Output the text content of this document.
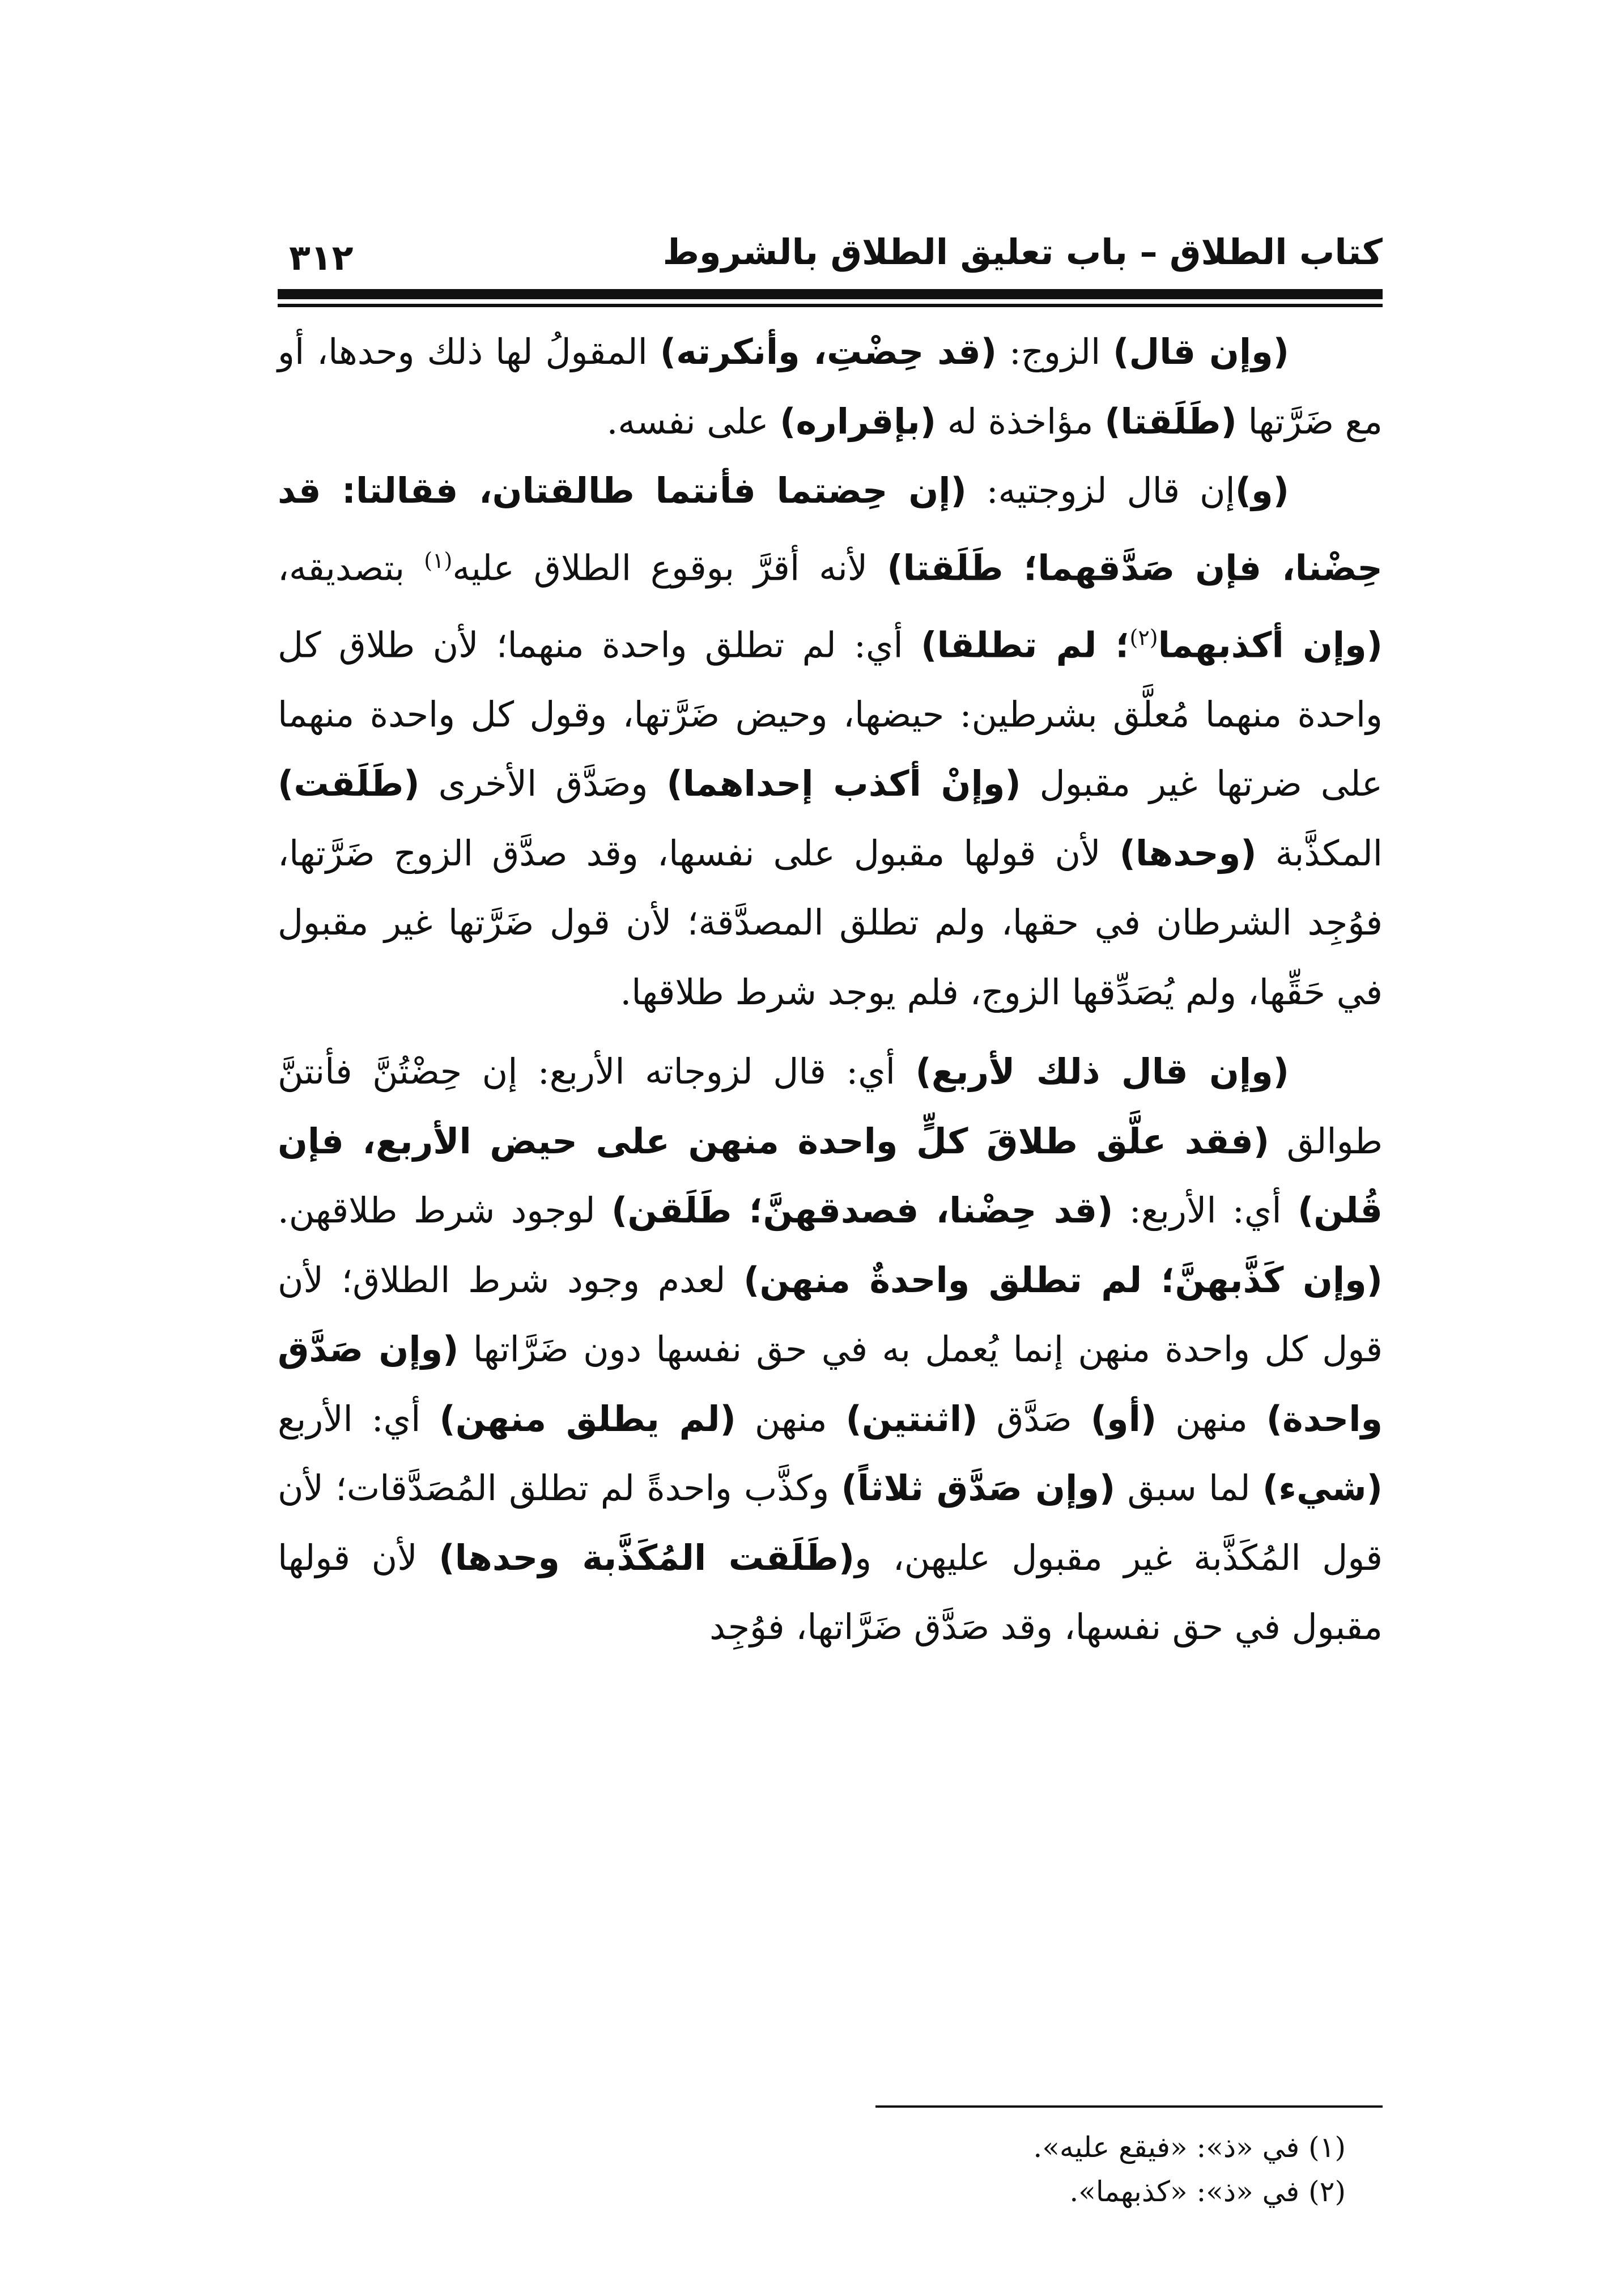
كتاب الطلاق – باب تعليق الطلاق بالشروط
٣١٢

(وإن قال) الزوج: (قد حِضْتِ، وأنكرته) المقولُ لها ذلك وحدها، أو مع ضَرَّتها (طَلَقتا) مؤاخذة له (بإقراره) على نفسه.

(و)إن قال لزوجتيه: (إن حِضتما فأنتما طالقتان، فقالتا: قد حِضْنا، فإن صَدَّقهما؛ طَلَقتا) لأنه أقرَّ بوقوع الطلاق عليه$^{(١)}$ بتصديقه، (وإن أكذبهما$^{(٢)}$؛ لم تطلقا) أي: لم تطلق واحدة منهما؛ لأن طلاق كل واحدة منهما مُعلَّق بشرطين: حيضها، وحيض ضَرَّتها، وقول كل واحدة منهما على ضرتها غير مقبول (وإنْ أكذب إحداهما) وصَدَّق الأخرى (طَلَقت) المكذَّبة (وحدها) لأن قولها مقبول على نفسها، وقد صدَّق الزوج ضَرَّتها، فوُجِد الشرطان في حقها، ولم تطلق المصدَّقة؛ لأن قول ضَرَّتها غير مقبول في حَقِّها، ولم يُصَدِّقها الزوج، فلم يوجد شرط طلاقها.

(وإن قال ذلك لأربع) أي: قال لزوجاته الأربع: إن حِضْتُنَّ فأنتنَّ طوالق (فقد علَّق طلاقَ كلٍّ واحدة منهن على حيض الأربع، فإن قُلن) أي: الأربع: (قد حِضْنا، فصدقهنَّ؛ طَلَقن) لوجود شرط طلاقهن. (وإن كَذَّبهنَّ؛ لم تطلق واحدةٌ منهن) لعدم وجود شرط الطلاق؛ لأن قول كل واحدة منهن إنما يُعمل به في حق نفسها دون ضَرَّاتها (وإن صَدَّق واحدة) منهن (أو) صَدَّق (اثنتين) منهن (لم يطلق منهن) أي: الأربع (شيء) لما سبق (وإن صَدَّق ثلاثاً) وكذَّب واحدةً لم تطلق المُصَدَّقات؛ لأن قول المُكَذَّبة غير مقبول عليهن، و(طَلَقت المُكَذَّبة وحدها) لأن قولها مقبول في حق نفسها، وقد صَدَّق ضَرَّاتها، فوُجِد

(١) في «ذ»: «فيقع عليه».
(٢) في «ذ»: «كذبهما».
